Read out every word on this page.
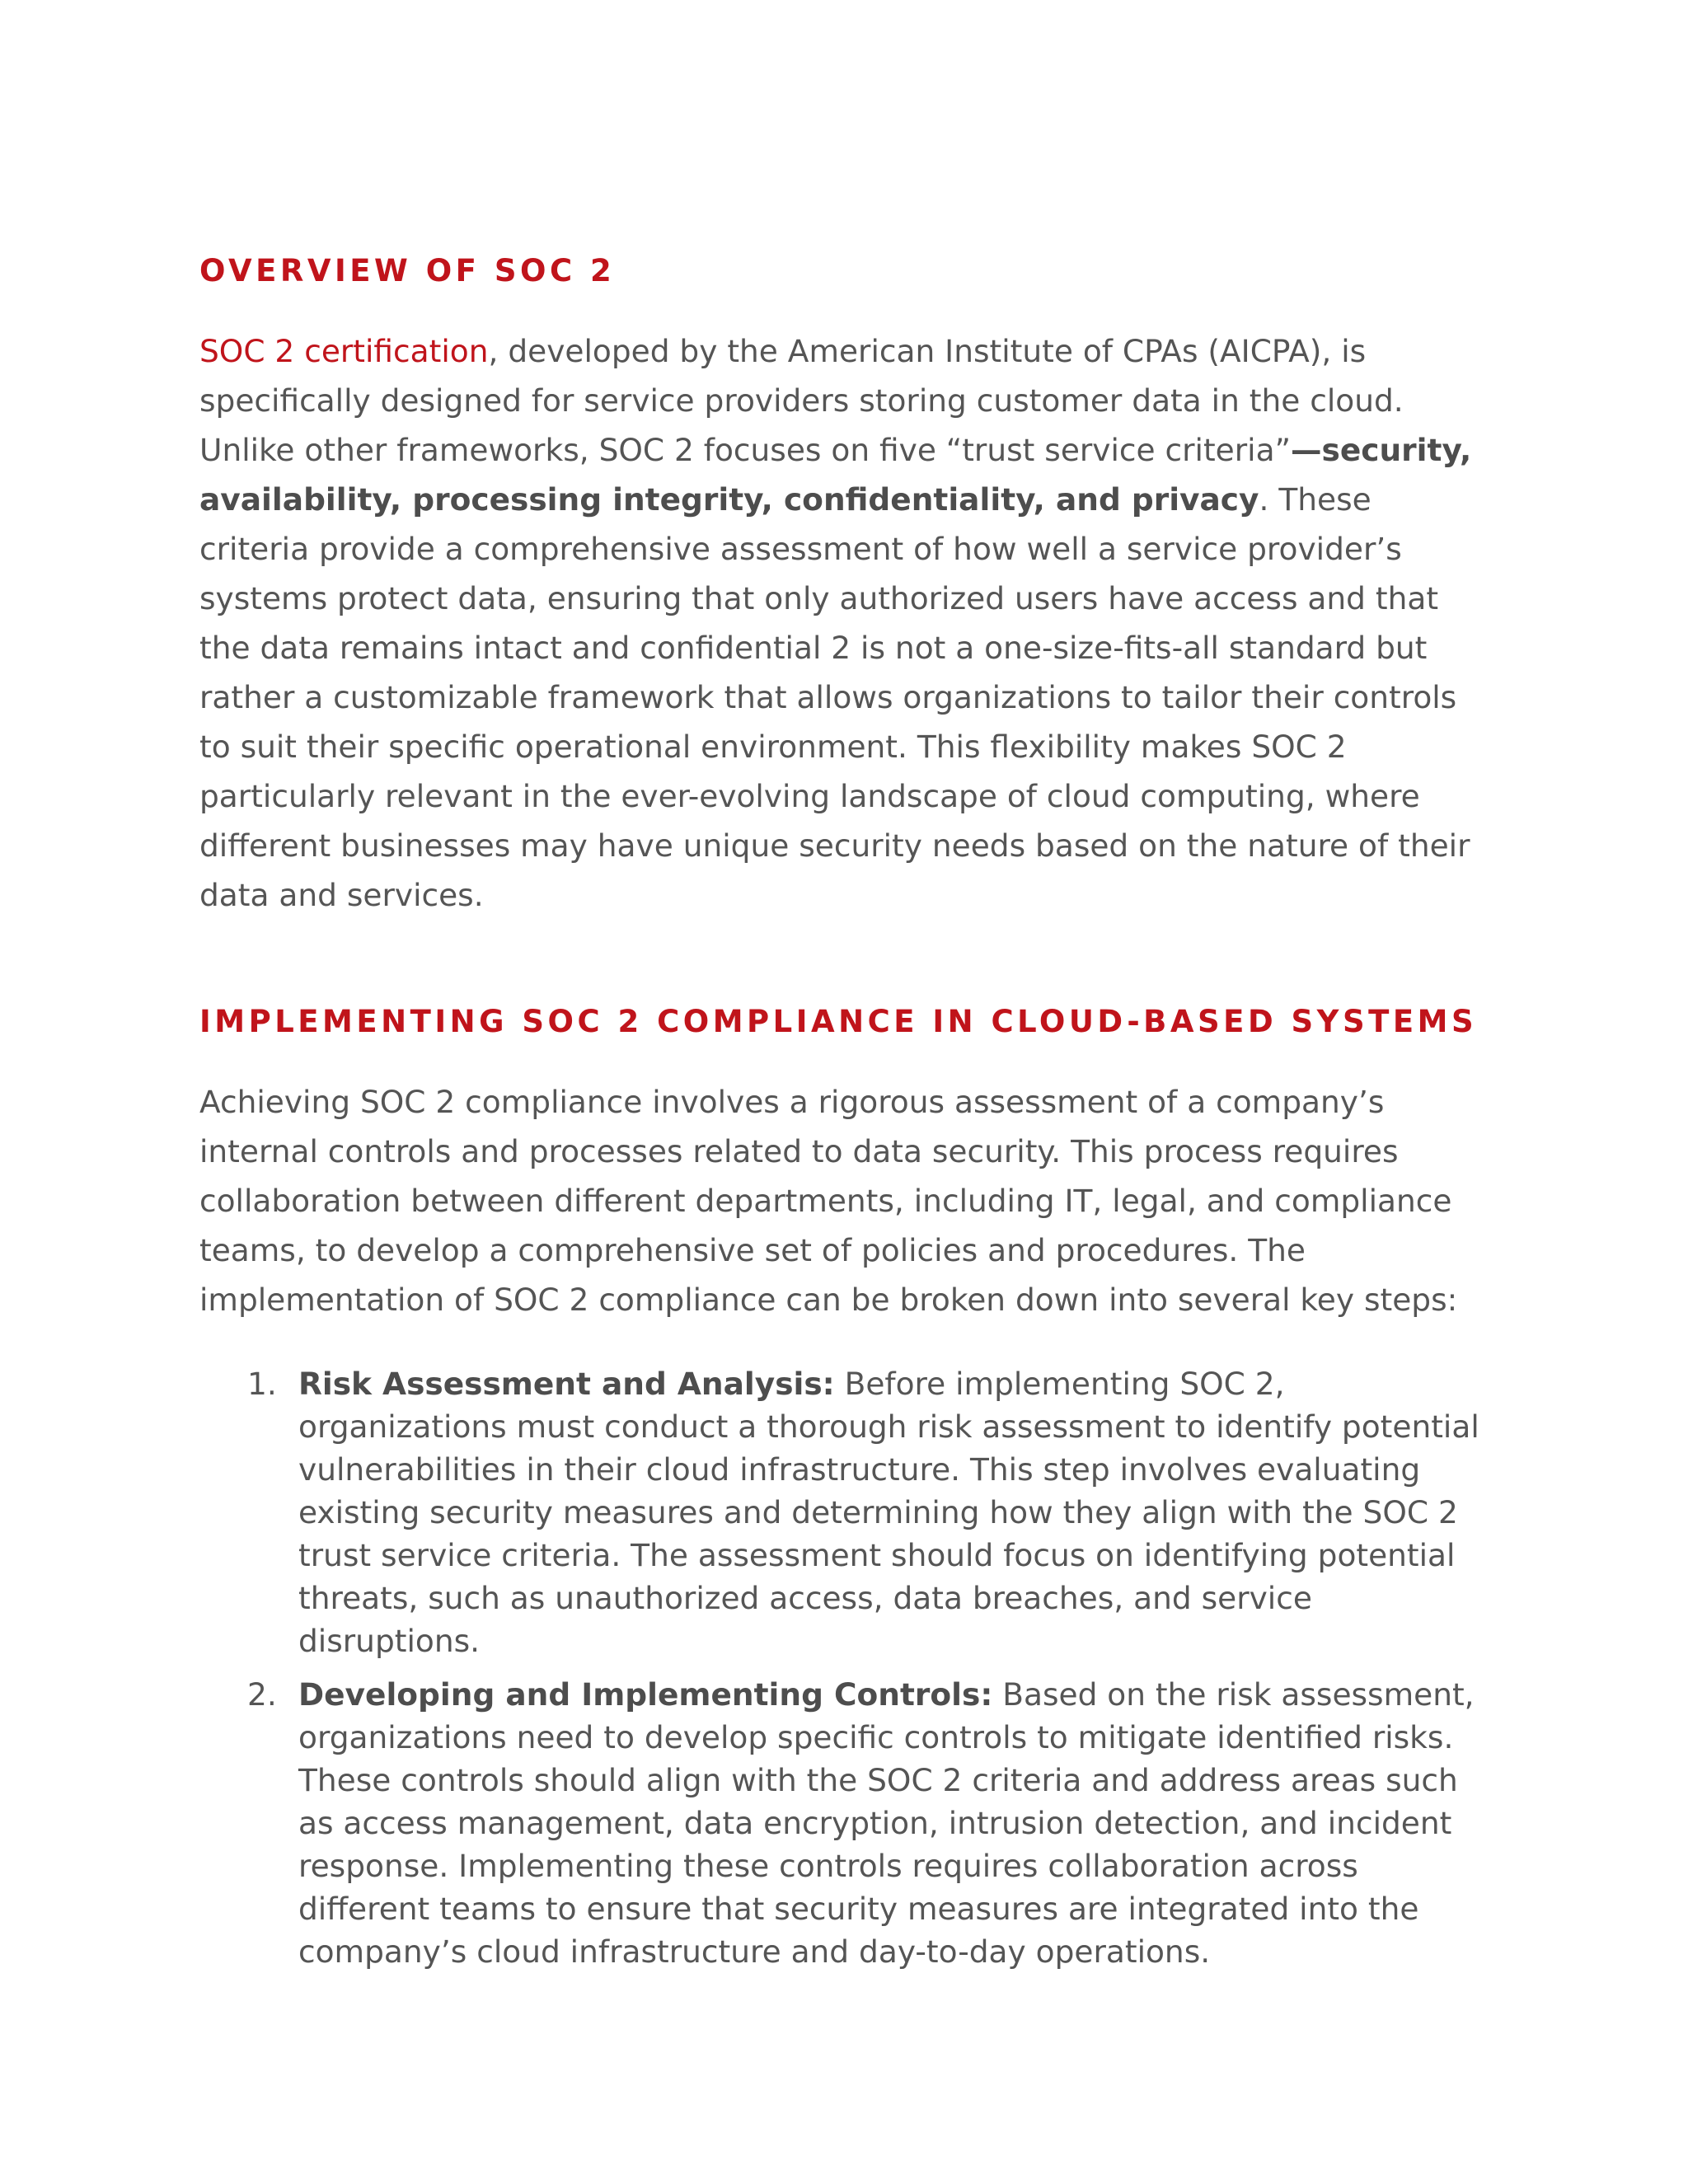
OVERVIEW OF SOC 2

SOC 2 certification, developed by the American Institute of CPAs (AICPA), is specifically designed for service providers storing customer data in the cloud. Unlike other frameworks, SOC 2 focuses on five “trust service criteria”—security, availability, processing integrity, confidentiality, and privacy. These criteria provide a comprehensive assessment of how well a service provider’s systems protect data, ensuring that only authorized users have access and that the data remains intact and confidential 2 is not a one-size-fits-all standard but rather a customizable framework that allows organizations to tailor their controls to suit their specific operational environment. This flexibility makes SOC 2 particularly relevant in the ever-evolving landscape of cloud computing, where different businesses may have unique security needs based on the nature of their data and services.

IMPLEMENTING SOC 2 COMPLIANCE IN CLOUD-BASED SYSTEMS

Achieving SOC 2 compliance involves a rigorous assessment of a company’s internal controls and processes related to data security. This process requires collaboration between different departments, including IT, legal, and compliance teams, to develop a comprehensive set of policies and procedures. The implementation of SOC 2 compliance can be broken down into several key steps:

1. Risk Assessment and Analysis: Before implementing SOC 2, organizations must conduct a thorough risk assessment to identify potential vulnerabilities in their cloud infrastructure. This step involves evaluating existing security measures and determining how they align with the SOC 2 trust service criteria. The assessment should focus on identifying potential threats, such as unauthorized access, data breaches, and service disruptions.
2. Developing and Implementing Controls: Based on the risk assessment, organizations need to develop specific controls to mitigate identified risks. These controls should align with the SOC 2 criteria and address areas such as access management, data encryption, intrusion detection, and incident response. Implementing these controls requires collaboration across different teams to ensure that security measures are integrated into the company’s cloud infrastructure and day-to-day operations.
